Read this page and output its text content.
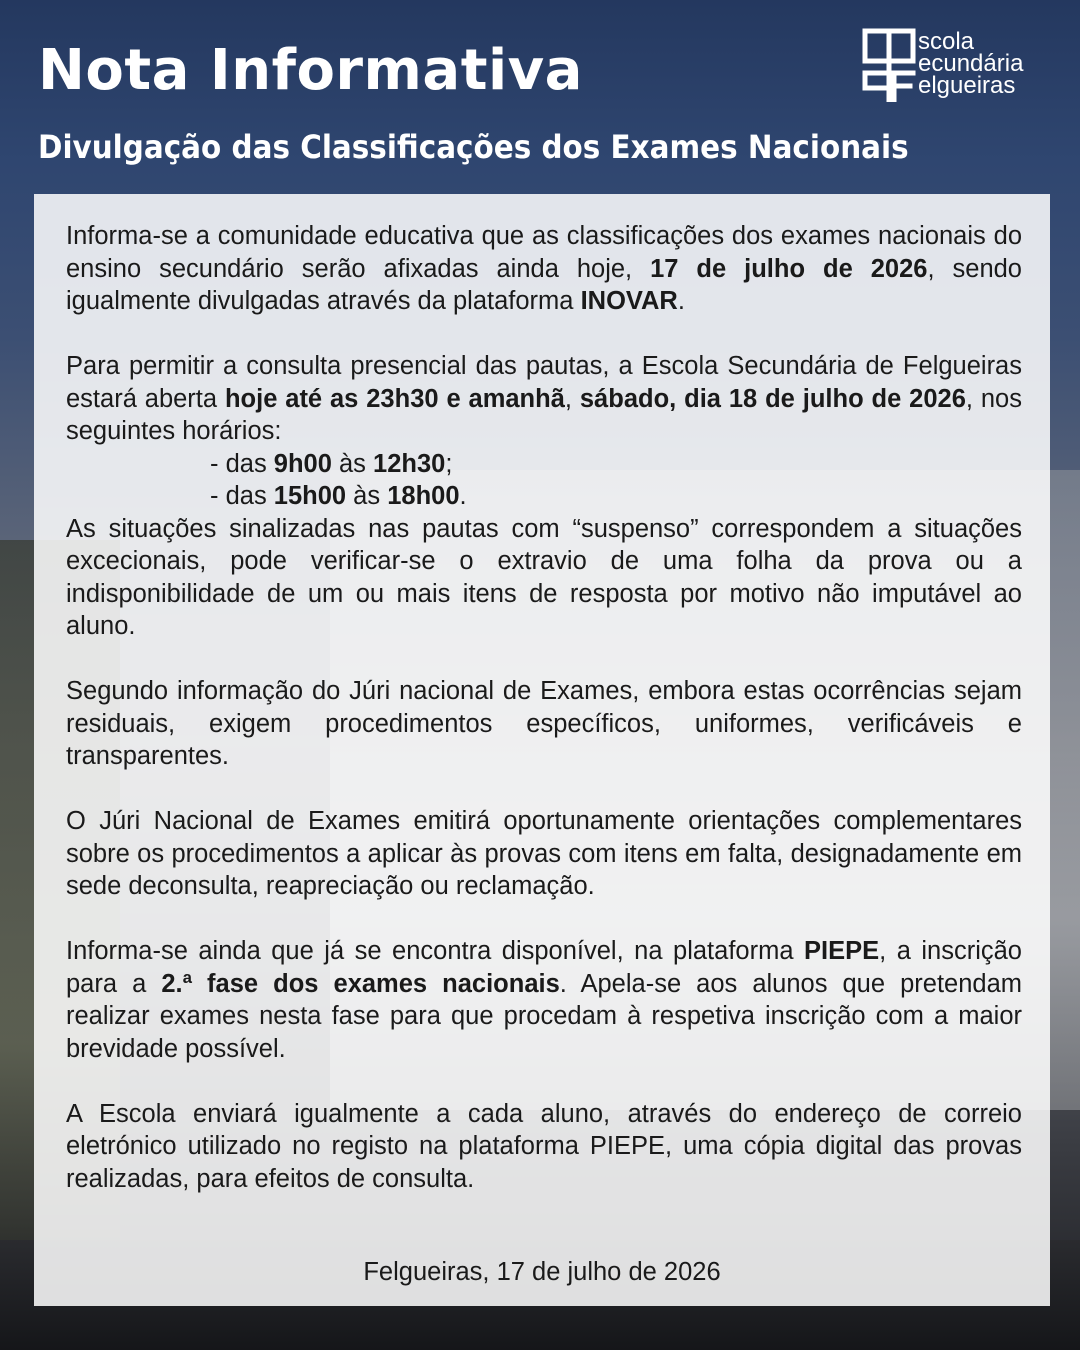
Nota Informativa
Divulgação das Classificações dos Exames Nacionais
scola
ecundária
elgueiras

Informa-se a comunidade educativa que as classificações dos exames nacionais do ensino secundário serão afixadas ainda hoje, 17 de julho de 2026, sendo igualmente divulgadas através da plataforma INOVAR.

Para permitir a consulta presencial das pautas, a Escola Secundária de Felgueiras estará aberta hoje até as 23h30 e amanhã, sábado, dia 18 de julho de 2026, nos seguintes horários:

- das 9h00 às 12h30;

- das 15h00 às 18h00.

As situações sinalizadas nas pautas com “suspenso” correspondem a situações excecionais, pode verificar-se o extravio de uma folha da prova ou a indisponibilidade de um ou mais itens de resposta por motivo não imputável ao aluno.

Segundo informação do Júri nacional de Exames, embora estas ocorrências sejam residuais, exigem procedimentos específicos, uniformes, verificáveis e transparentes.

O Júri Nacional de Exames emitirá oportunamente orientações complementares sobre os procedimentos a aplicar às provas com itens em falta, designadamente em sede deconsulta, reapreciação ou reclamação.

Informa-se ainda que já se encontra disponível, na plataforma PIEPE, a inscrição para a 2.ª fase dos exames nacionais. Apela-se aos alunos que pretendam realizar exames nesta fase para que procedam à respetiva inscrição com a maior brevidade possível.

A Escola enviará igualmente a cada aluno, através do endereço de correio eletrónico utilizado no registo na plataforma PIEPE, uma cópia digital das provas realizadas, para efeitos de consulta.

Felgueiras, 17 de julho de 2026
